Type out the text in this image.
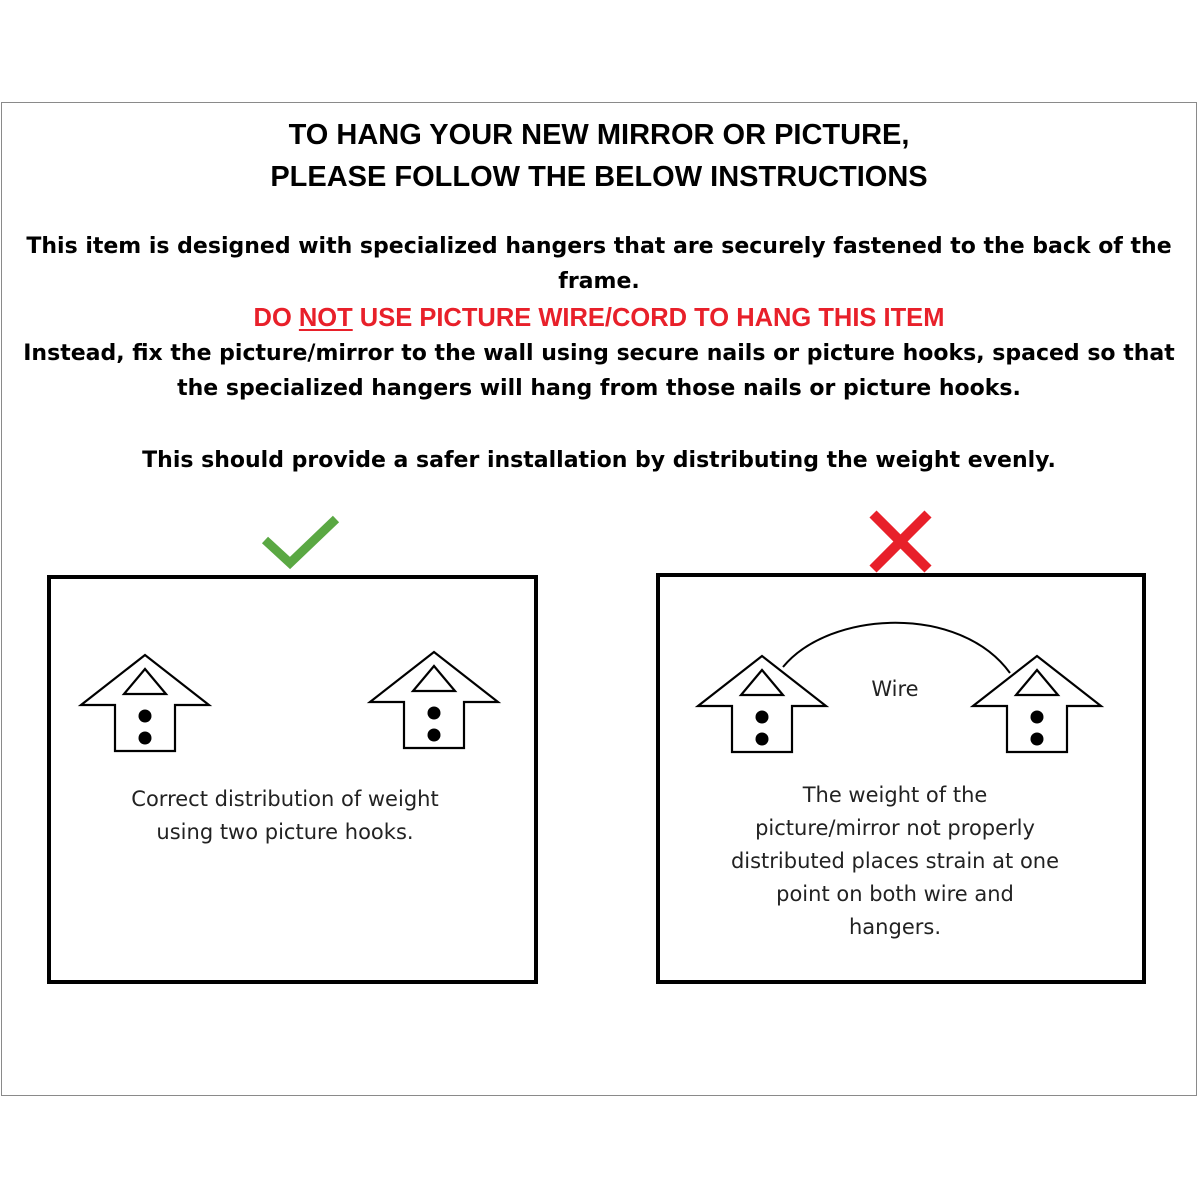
TO HANG YOUR NEW MIRROR OR PICTURE,
PLEASE FOLLOW THE BELOW INSTRUCTIONS
This item is designed with specialized hangers that are securely fastened to the back of the
frame.
DO NOT USE PICTURE WIRE/CORD TO HANG THIS ITEM
Instead, fix the picture/mirror to the wall using secure nails or picture hooks, spaced so that
the specialized hangers will hang from those nails or picture hooks.
This should provide a safer installation by distributing the weight evenly.
Wire
Correct distribution of weight
using two picture hooks.
The weight of the
picture/mirror not properly
distributed places strain at one
point on both wire and
hangers.
